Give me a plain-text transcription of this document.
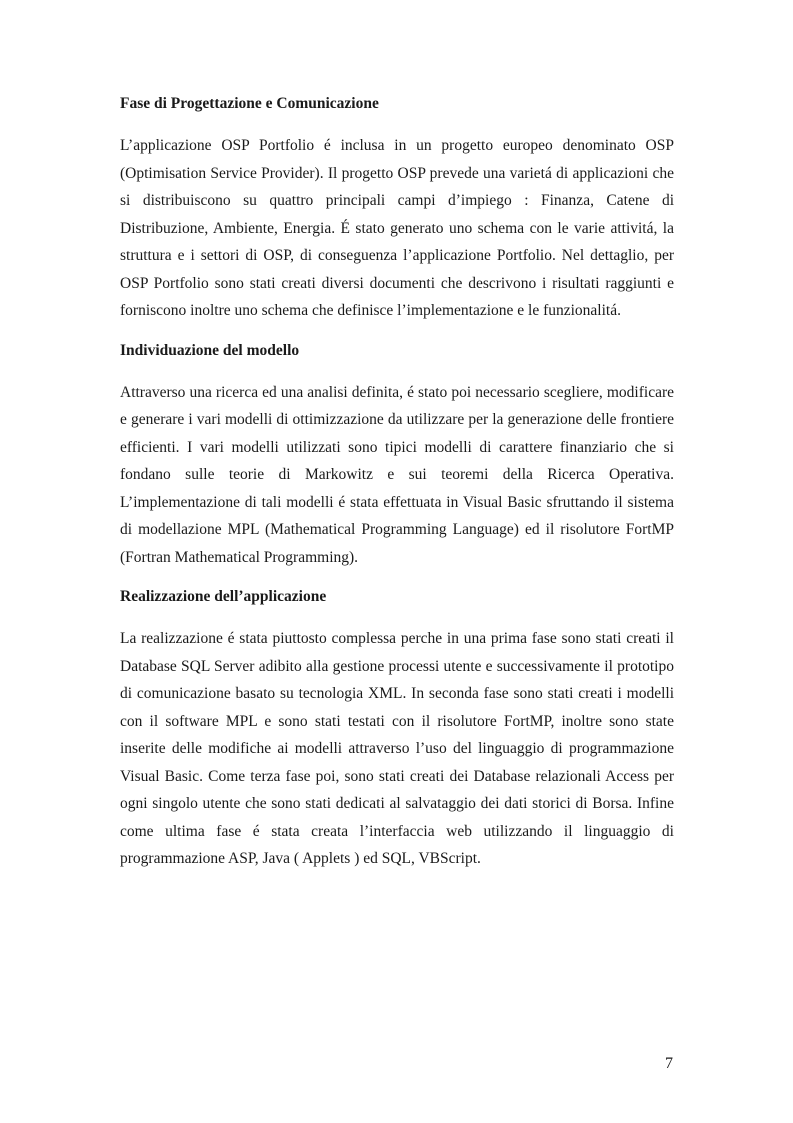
Fase di Progettazione e Comunicazione

L’applicazione OSP Portfolio é inclusa in un progetto europeo denominato OSP (Optimisation Service Provider). Il progetto OSP prevede una varietá di applicazioni che si distribuiscono su quattro principali campi d’impiego : Finanza, Catene di Distribuzione, Ambiente, Energia. É stato generato uno schema con le varie attivitá, la struttura e i settori di OSP, di conseguenza l’applicazione Portfolio. Nel dettaglio, per OSP Portfolio sono stati creati diversi documenti che descrivono i risultati raggiunti e forniscono inoltre uno schema che definisce l’implementazione e le funzionalitá.

Individuazione del modello

Attraverso una ricerca ed una analisi definita, é stato poi necessario scegliere, modificare e generare i vari modelli di ottimizzazione da utilizzare per la generazione delle frontiere efficienti. I vari modelli utilizzati sono tipici modelli di carattere finanziario che si fondano sulle teorie di Markowitz e sui teoremi della Ricerca Operativa. L’implementazione di tali modelli é stata effettuata in Visual Basic sfruttando il sistema di modellazione MPL (Mathematical Programming Language) ed il risolutore FortMP (Fortran Mathematical Programming).

Realizzazione dell’applicazione

La realizzazione é stata piuttosto complessa perche in una prima fase sono stati creati il Database SQL Server adibito alla gestione processi utente e successivamente il prototipo di comunicazione basato su tecnologia XML. In seconda fase sono stati creati i modelli con il software MPL e sono stati testati con il risolutore FortMP, inoltre sono state inserite delle modifiche ai modelli attraverso l’uso del linguaggio di programmazione Visual Basic. Come terza fase poi, sono stati creati dei Database relazionali Access per ogni singolo utente che sono stati dedicati al salvataggio dei dati storici di Borsa. Infine come ultima fase é stata creata l’interfaccia web utilizzando il linguaggio di programmazione ASP, Java ( Applets ) ed SQL, VBScript.

7
